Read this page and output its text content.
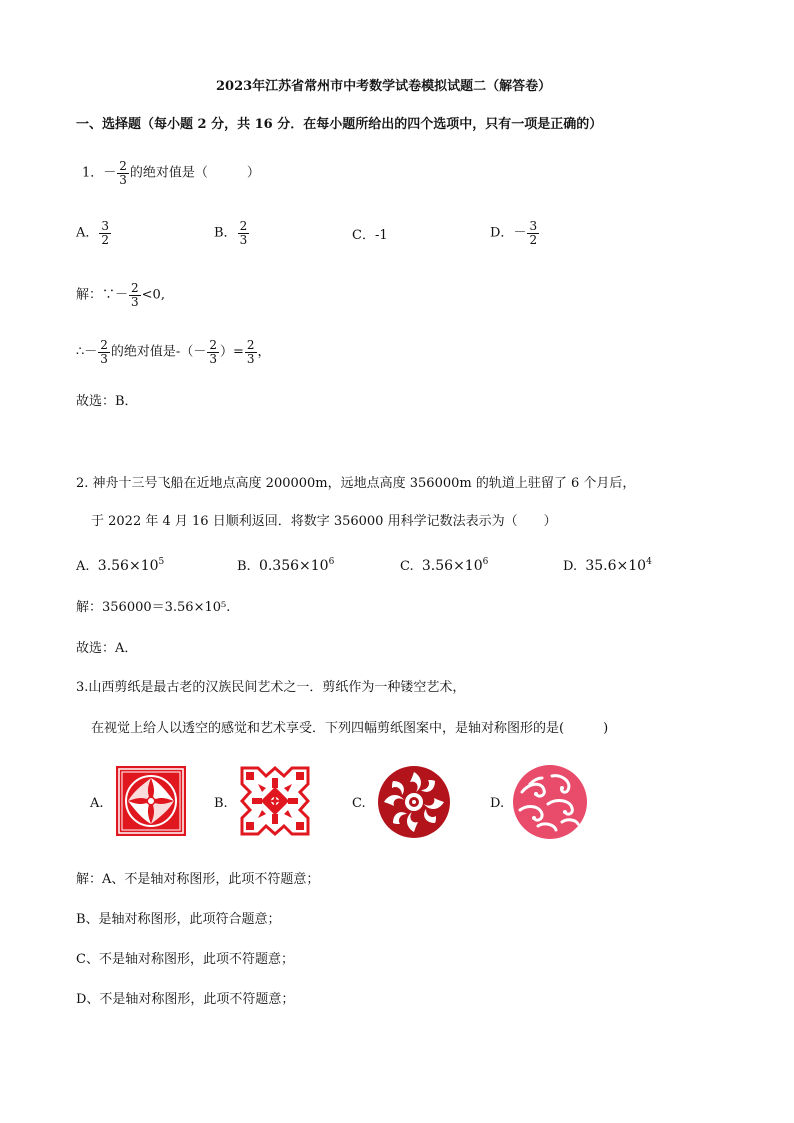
2023年江苏省常州市中考数学试卷模拟试题二（解答卷）
一、选择题（每小题 2 分，共 16 分．在每小题所给出的四个选项中，只有一项是正确的）
1．－ $\frac{2}{3}$ 的绝对值是（　　　）
A． $\frac{3}{2}$	B． $\frac{2}{3}$	C．-1	D．－ $\frac{3}{2}$
解：∵－ $\frac{2}{3} <0$,
∴－ $\frac{2}{3}$ 的绝对值是-（－ $\frac{2}{3}$ ）= $\frac{2}{3}$ ，
故选：B．
2. 神舟十三号飞船在近地点高度 200000m，远地点高度 356000m 的轨道上驻留了 6 个月后，
于 2022 年 4 月 16 日顺利返回．将数字 356000 用科学记数法表示为（　　）
A. $3.56\times 10^5$	B. $0.356\times 10^6$	C. $3.56\times 10^6$	D. $35.6\times 10^4$
解：356000＝3.56×10⁵.
故选：A．
3.山西剪纸是最古老的汉族民间艺术之一．剪纸作为一种镂空艺术，
在视觉上给人以透空的感觉和艺术享受．下列四幅剪纸图案中，是轴对称图形的是(　　　)
A.	B.	C.	D.
解：A、不是轴对称图形，此项不符题意；
B、是轴对称图形，此项符合题意；
C、不是轴对称图形，此项不符题意；
D、不是轴对称图形，此项不符题意；
